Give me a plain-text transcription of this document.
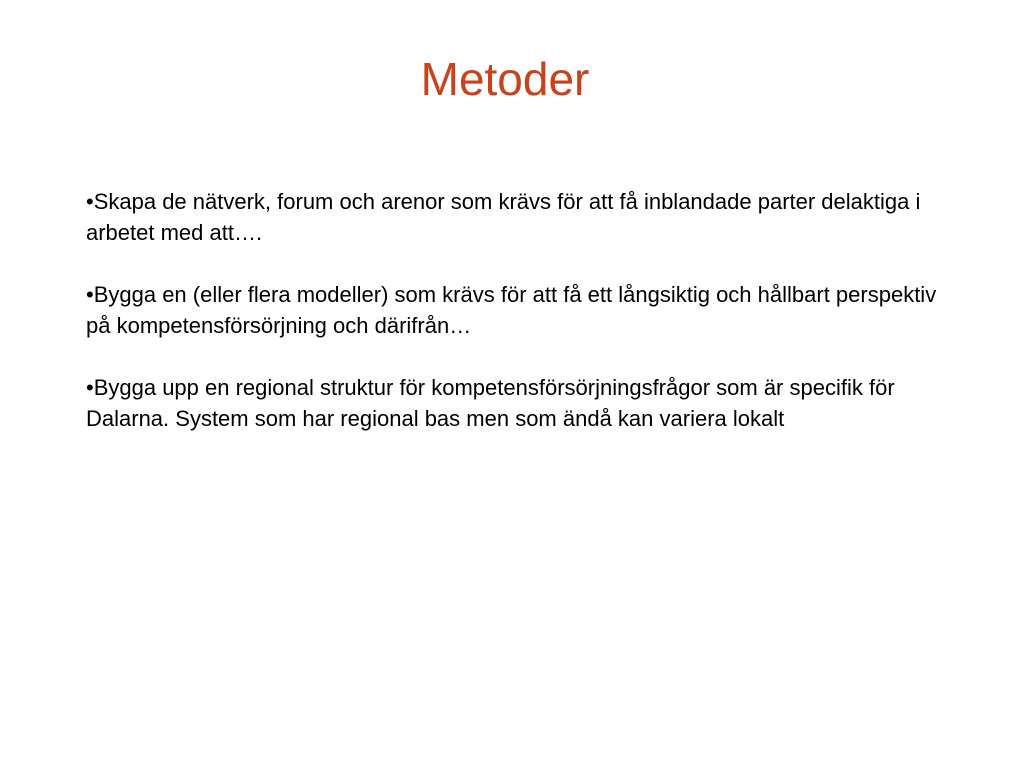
Metoder

•Skapa de nätverk, forum och arenor som krävs för att få inblandade parter delaktiga i arbetet med att….

•Bygga en (eller flera modeller) som krävs för att få ett långsiktig och hållbart perspektiv på kompetensförsörjning och därifrån…

•Bygga upp en regional struktur för kompetensförsörjningsfrågor som är specifik för Dalarna. System som har regional bas men som ändå kan variera lokalt
